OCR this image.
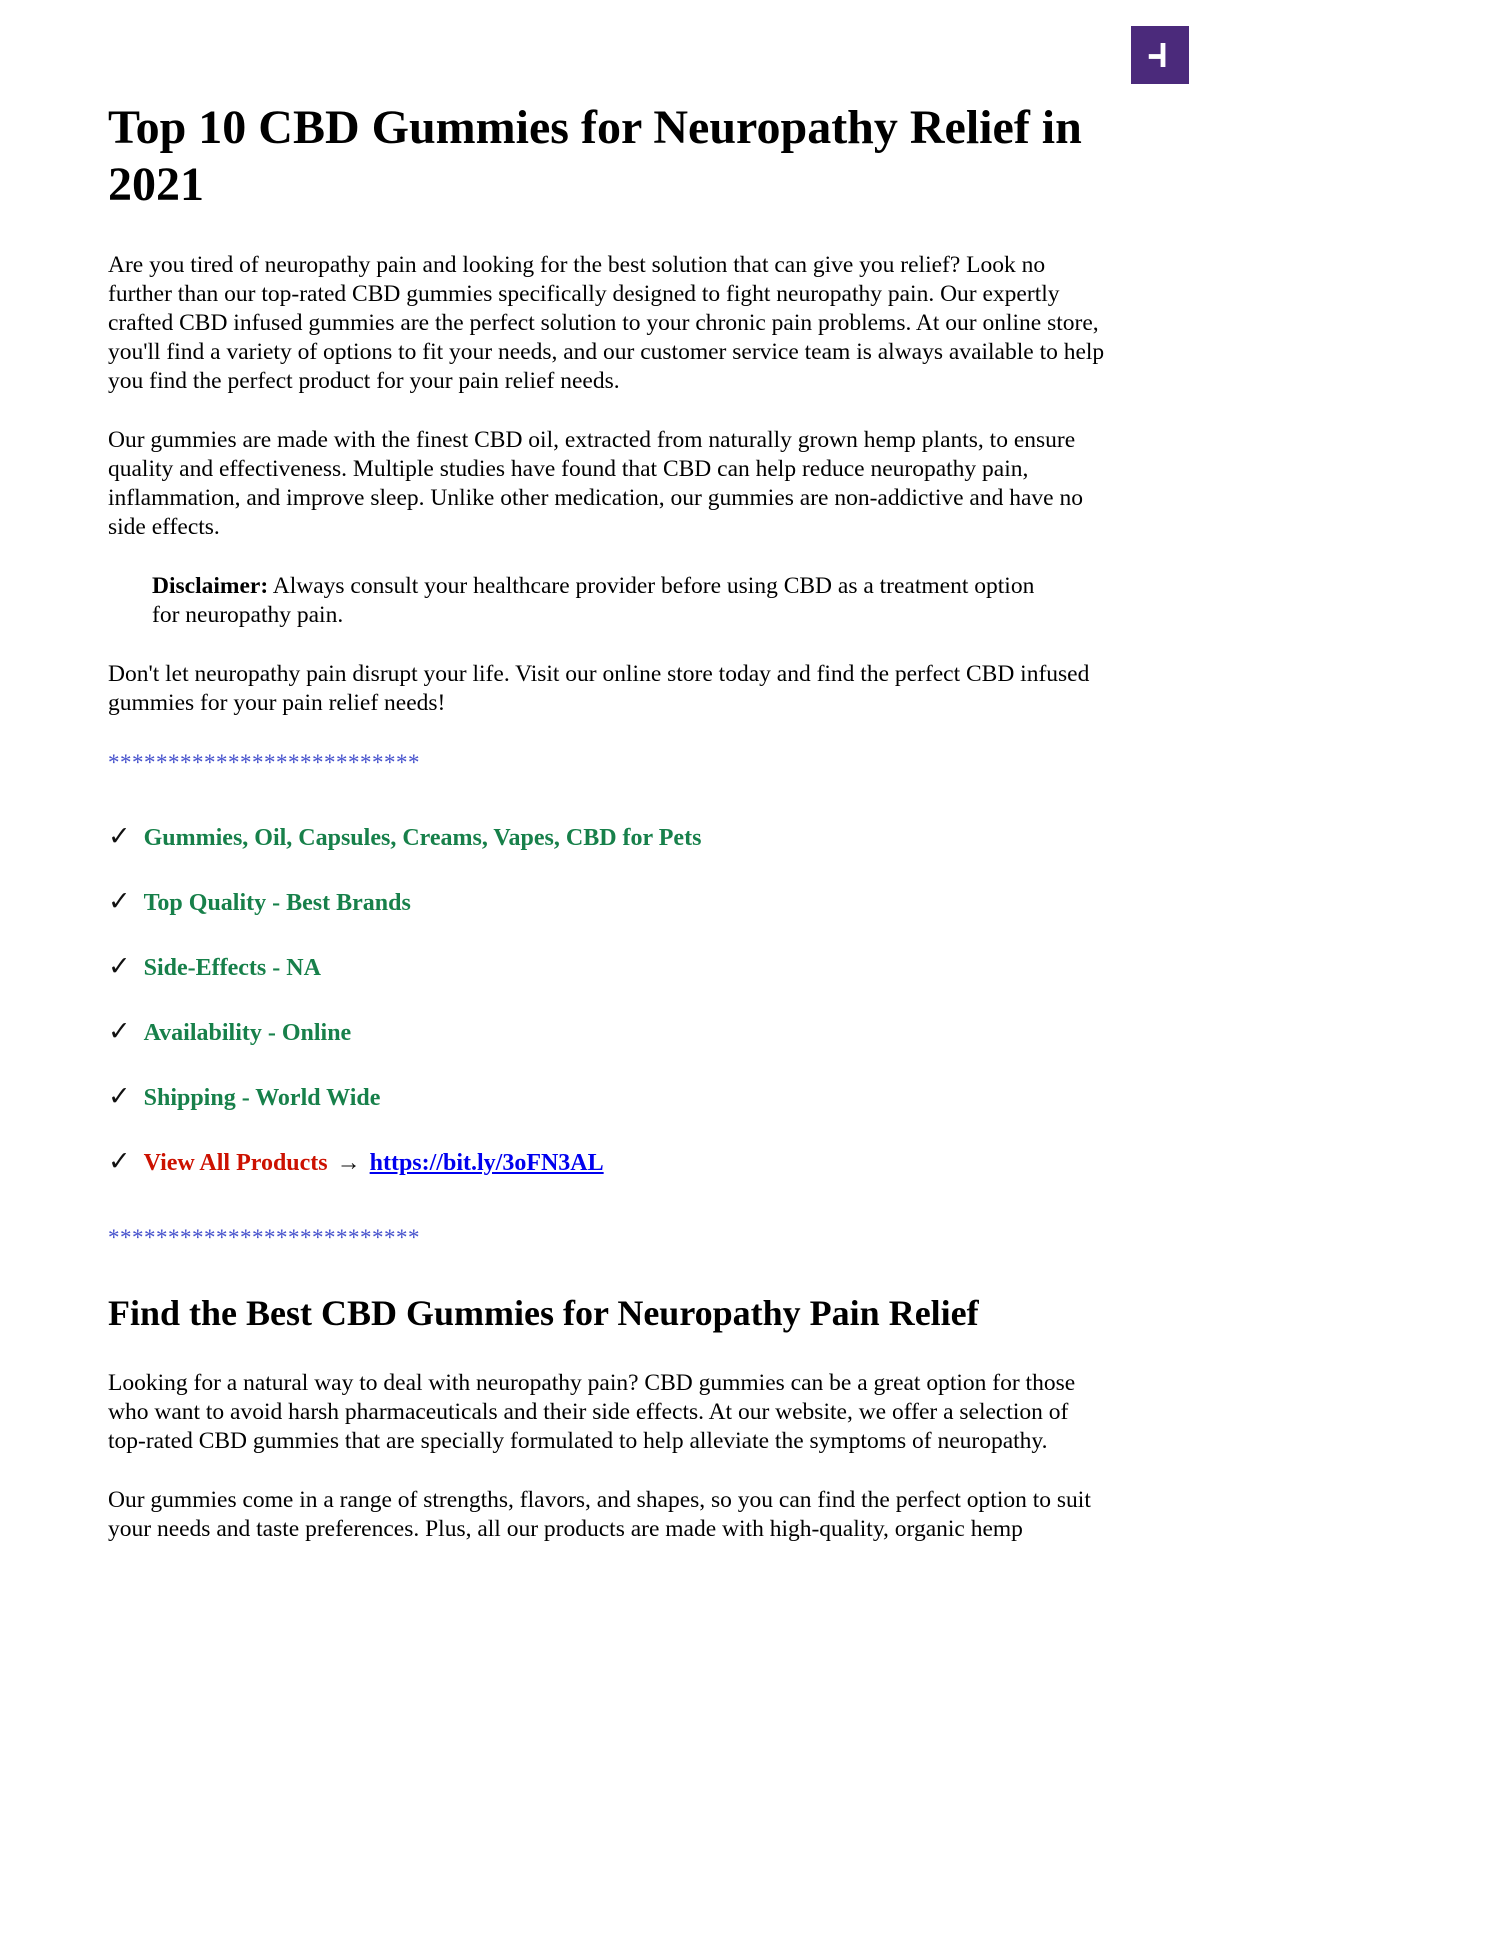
Top 10 CBD Gummies for Neuropathy Relief in 2021

Are you tired of neuropathy pain and looking for the best solution that can give you relief? Look no further than our top-rated CBD gummies specifically designed to fight neuropathy pain. Our expertly crafted CBD infused gummies are the perfect solution to your chronic pain problems. At our online store, you'll find a variety of options to fit your needs, and our customer service team is always available to help you find the perfect product for your pain relief needs.

Our gummies are made with the finest CBD oil, extracted from naturally grown hemp plants, to ensure quality and effectiveness. Multiple studies have found that CBD can help reduce neuropathy pain, inflammation, and improve sleep. Unlike other medication, our gummies are non-addictive and have no side effects.

Disclaimer: Always consult your healthcare provider before using CBD as a treatment option for neuropathy pain.

Don't let neuropathy pain disrupt your life. Visit our online store today and find the perfect CBD infused gummies for your pain relief needs!

**************************
✓ Gummies, Oil, Capsules, Creams, Vapes, CBD for Pets
✓ Top Quality - Best Brands
✓ Side-Effects - NA
✓ Availability - Online
✓ Shipping - World Wide
✓ View All Products → https://bit.ly/3oFN3AL
**************************
Find the Best CBD Gummies for Neuropathy Pain Relief

Looking for a natural way to deal with neuropathy pain? CBD gummies can be a great option for those who want to avoid harsh pharmaceuticals and their side effects. At our website, we offer a selection of top-rated CBD gummies that are specially formulated to help alleviate the symptoms of neuropathy.

Our gummies come in a range of strengths, flavors, and shapes, so you can find the perfect option to suit your needs and taste preferences. Plus, all our products are made with high-quality, organic hemp
